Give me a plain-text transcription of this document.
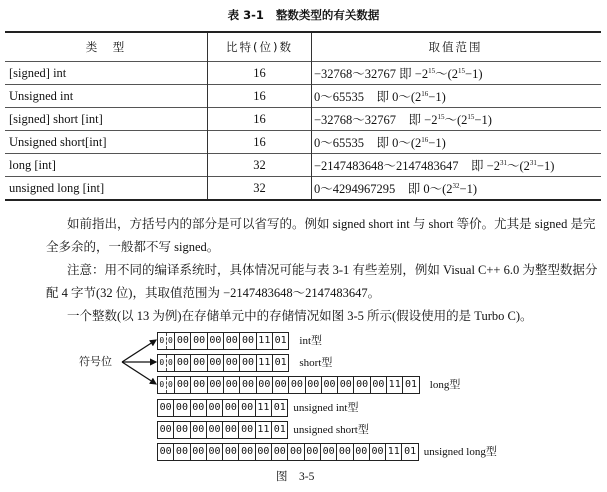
表 3-1 整数类型的有关数据
类　型	比特(位)数	取值范围
[signed] int	16	−32768～32767 即 $-2^{15}\sim(2^{15}-1)$
Unsigned int	16	0～65535　即 $0\sim(2^{16}-1)$
[signed] short [int]	16	−32768～32767　即 $-2^{15}\sim(2^{15}-1)$
Unsigned short[int]	16	0～65535　即 $0\sim(2^{16}-1)$
long [int]	32	−2147483648～2147483647　即 $-2^{31}\sim(2^{31}-1)$
unsigned long [int]	32	0～4294967295　即 $0\sim(2^{32}-1)$

如前指出，方括号内的部分是可以省写的。例如 signed short int 与 short 等价。尤其是 signed 是完全多余的，一般都不写 signed。

注意：用不同的编译系统时，具体情况可能与表 3-1 有些差别，例如 Visual C++ 6.0 为整型数据分配 4 字节(32 位)，其取值范围为 −2147483648～2147483647。

一个整数(以 13 为例)在存储单元中的存储情况如图 3-5 所示(假设使用的是 Turbo C)。

符号位
图　3-5
0 0 00 00 00 00 00 11 01 int型
0 0 00 00 00 00 00 11 01 short型
0 0 00 00 00 00 00 00 00 00 00 00 00 00 00 11 01 long型
00 00 00 00 00 00 11 01 unsigned int型
00 00 00 00 00 00 11 01 unsigned short型
00 00 00 00 00 00 00 00 00 00 00 00 00 00 11 01 unsigned long型
